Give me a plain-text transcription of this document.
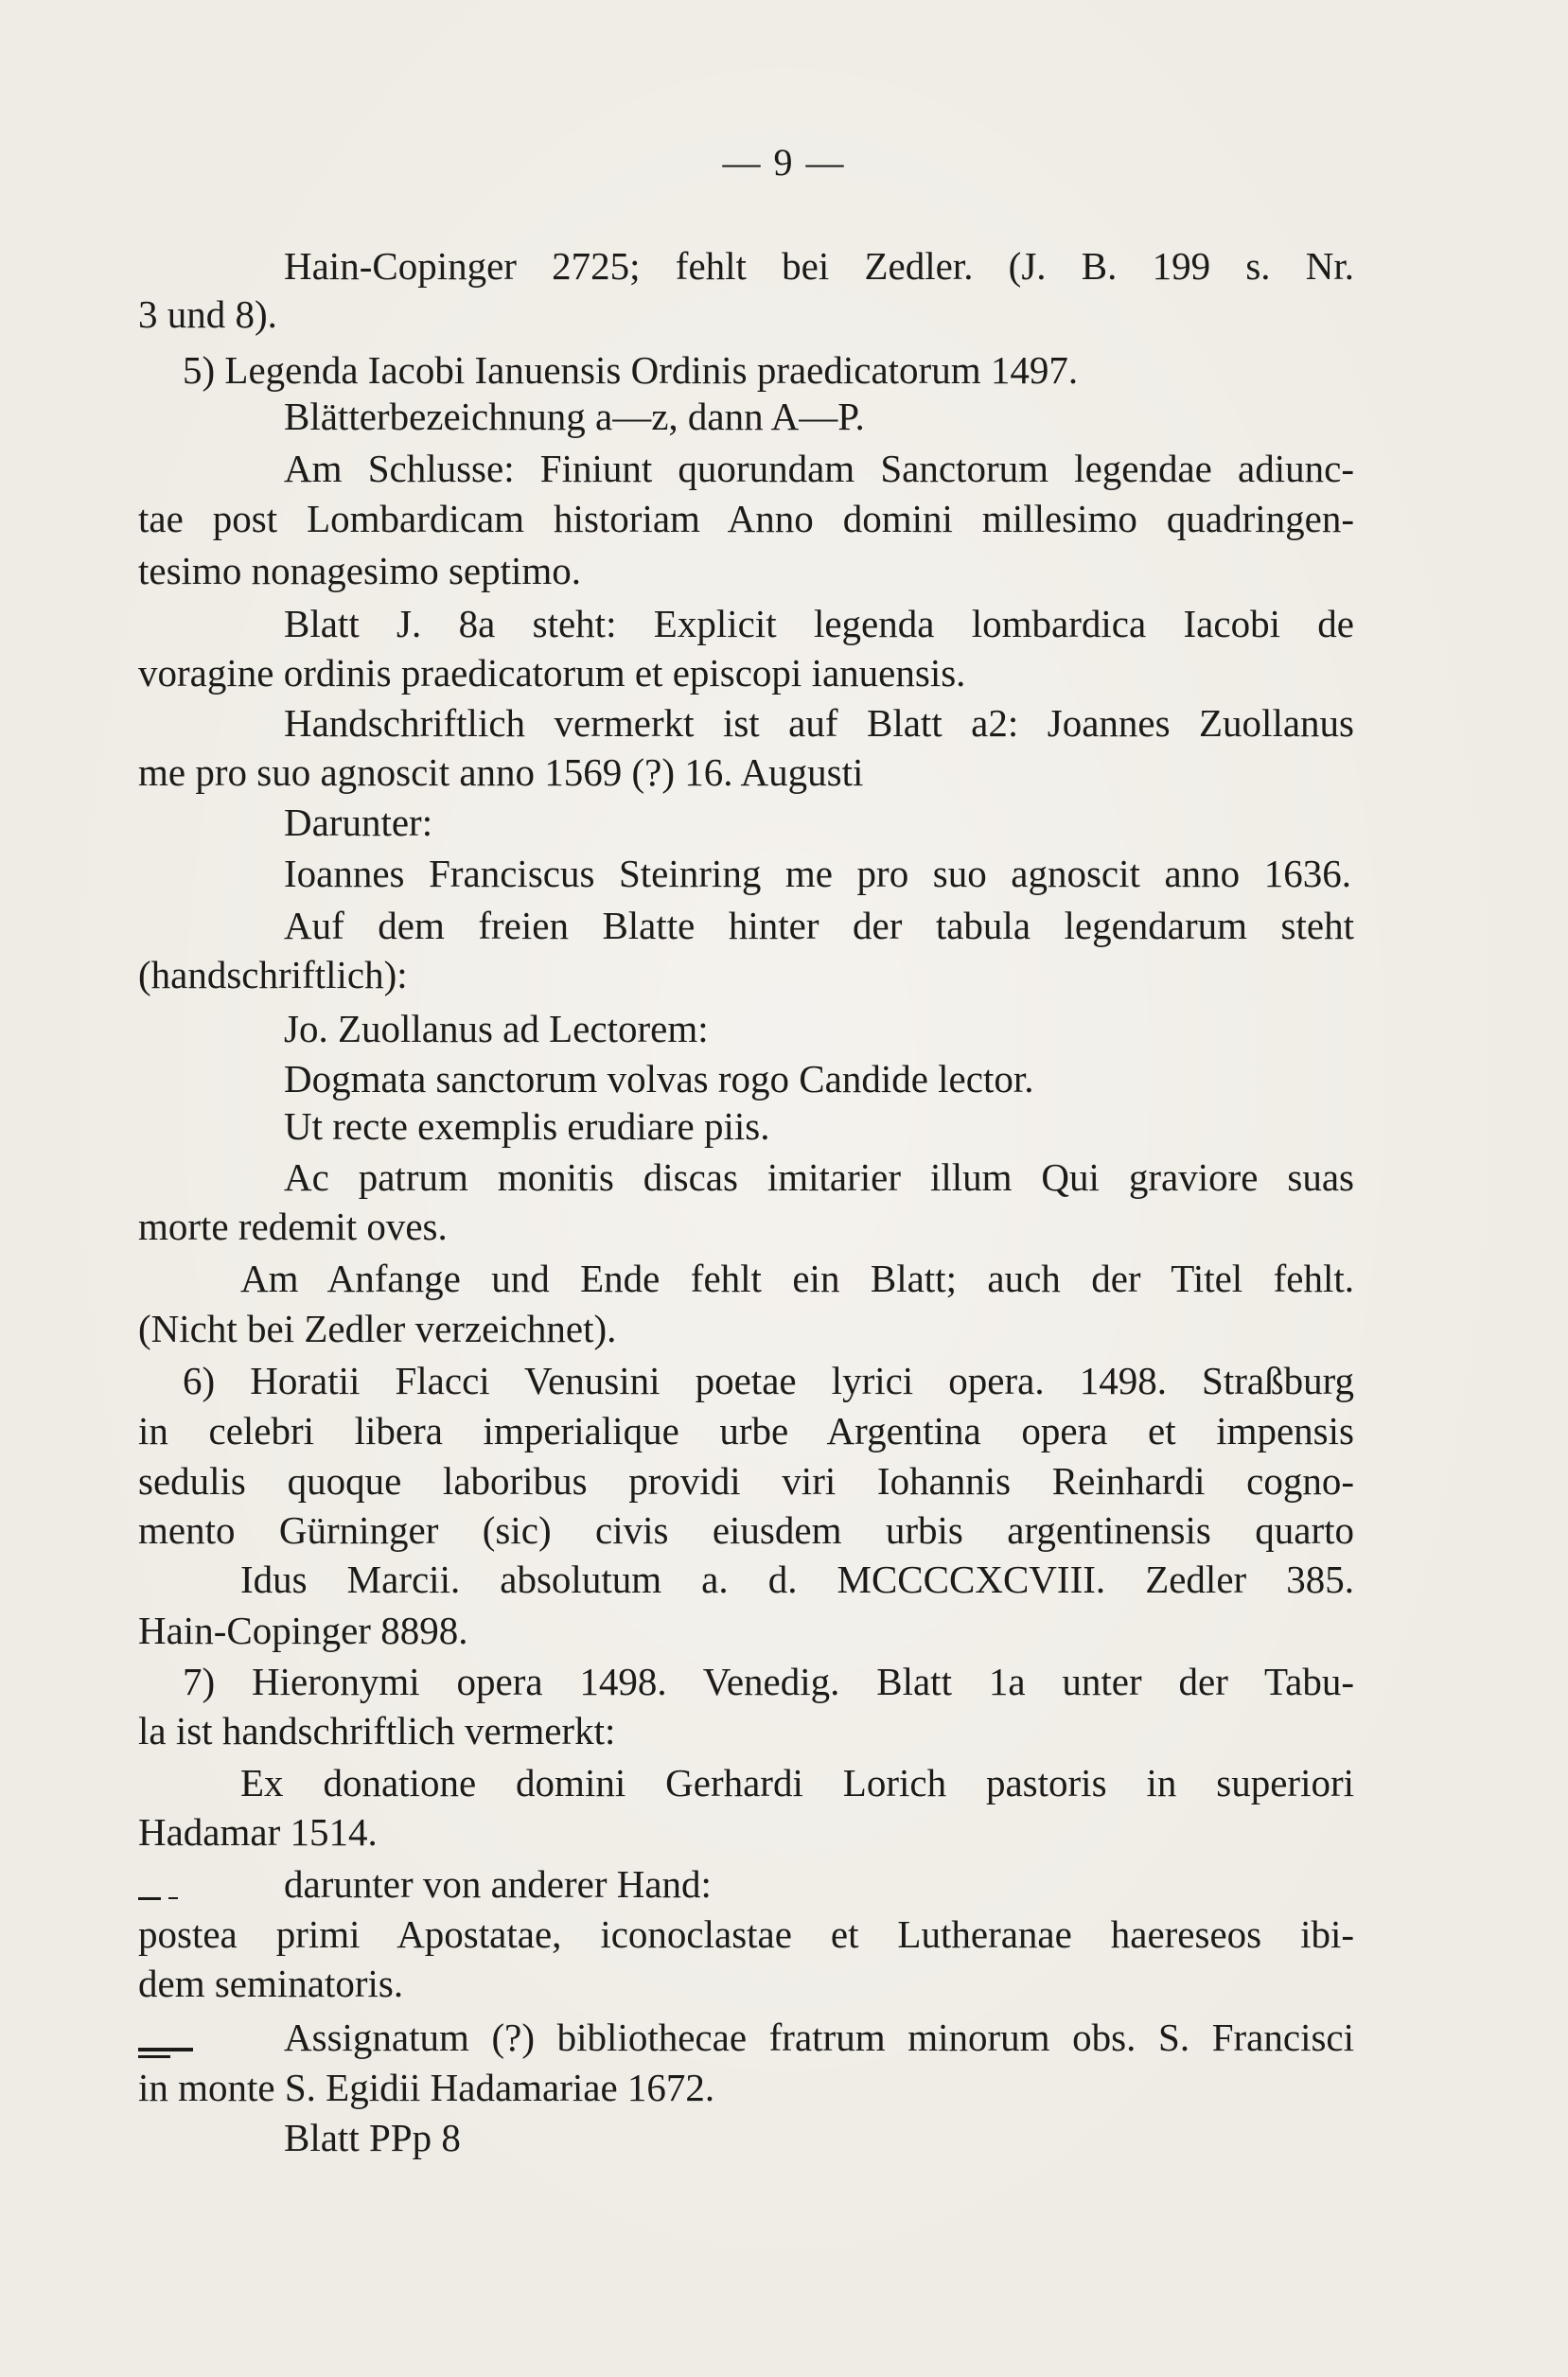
— 9 —
Hain-Copinger 2725; fehlt bei Zedler. (J. B. 199 s. Nr.
3 und 8).
5) Legenda Iacobi Ianuensis Ordinis praedicatorum 1497.
Blätterbezeichnung a—z, dann A—P.
Am Schlusse: Finiunt quorundam Sanctorum legendae adiunc-
tae post Lombardicam historiam Anno domini millesimo quadringen-
tesimo nonagesimo septimo.
Blatt J. 8a steht: Explicit legenda lombardica Iacobi de
voragine ordinis praedicatorum et episcopi ianuensis.
Handschriftlich vermerkt ist auf Blatt a2: Joannes Zuollanus
me pro suo agnoscit anno 1569 (?) 16. Augusti
Darunter:
Ioannes Franciscus Steinring me pro suo agnoscit anno 1636.
Auf dem freien Blatte hinter der tabula legendarum steht
(handschriftlich):
Jo. Zuollanus ad Lectorem:
Dogmata sanctorum volvas rogo Candide lector.
Ut recte exemplis erudiare piis.
Ac patrum monitis discas imitarier illum Qui graviore suas
morte redemit oves.
Am Anfange und Ende fehlt ein Blatt; auch der Titel fehlt.
(Nicht bei Zedler verzeichnet).
6) Horatii Flacci Venusini poetae lyrici opera. 1498. Straßburg
in celebri libera imperialique urbe Argentina opera et impensis
sedulis quoque laboribus providi viri Iohannis Reinhardi cogno-
mento Gürninger (sic) civis eiusdem urbis argentinensis quarto
Idus Marcii. absolutum a. d. MCCCCXCVIII. Zedler 385.
Hain-Copinger 8898.
7) Hieronymi opera 1498. Venedig. Blatt 1a unter der Tabu-
la ist handschriftlich vermerkt:
Ex donatione domini Gerhardi Lorich pastoris in superiori
Hadamar 1514.
darunter von anderer Hand:
postea primi Apostatae, iconoclastae et Lutheranae haereseos ibi-
dem seminatoris.
Assignatum (?) bibliothecae fratrum minorum obs. S. Francisci
in monte S. Egidii Hadamariae 1672.
Blatt PPp 8
